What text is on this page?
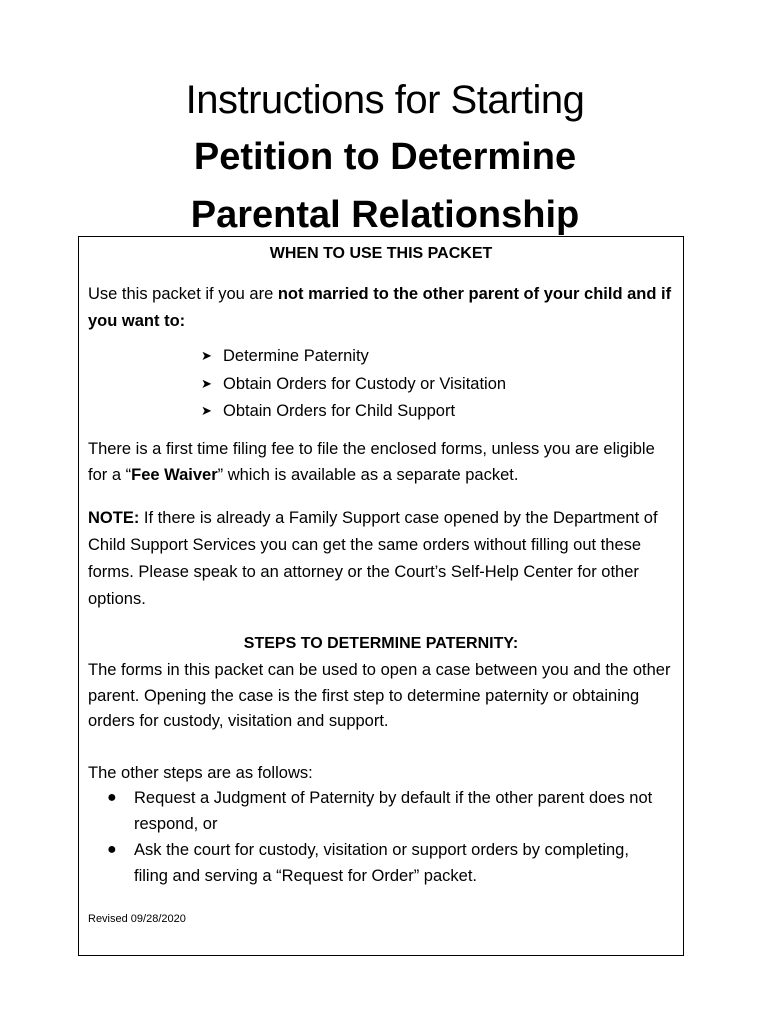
Instructions for Starting
Petition to Determine
Parental Relationship
WHEN TO USE THIS PACKET
Use this packet if you are not married to the other parent of your child and if you want to:
➤ Determine Paternity
➤ Obtain Orders for Custody or Visitation
➤ Obtain Orders for Child Support
There is a first time filing fee to file the enclosed forms, unless you are eligible for a “Fee Waiver” which is available as a separate packet.
NOTE: If there is already a Family Support case opened by the Department of Child Support Services you can get the same orders without filling out these forms. Please speak to an attorney or the Court’s Self-Help Center for other options.
STEPS TO DETERMINE PATERNITY:
The forms in this packet can be used to open a case between you and the other parent. Opening the case is the first step to determine paternity or obtaining orders for custody, visitation and support.
The other steps are as follows:
●	Request a Judgment of Paternity by default if the other parent does not respond, or
●	Ask the court for custody, visitation or support orders by completing, filing and serving a “Request for Order” packet.
Revised 09/28/2020
